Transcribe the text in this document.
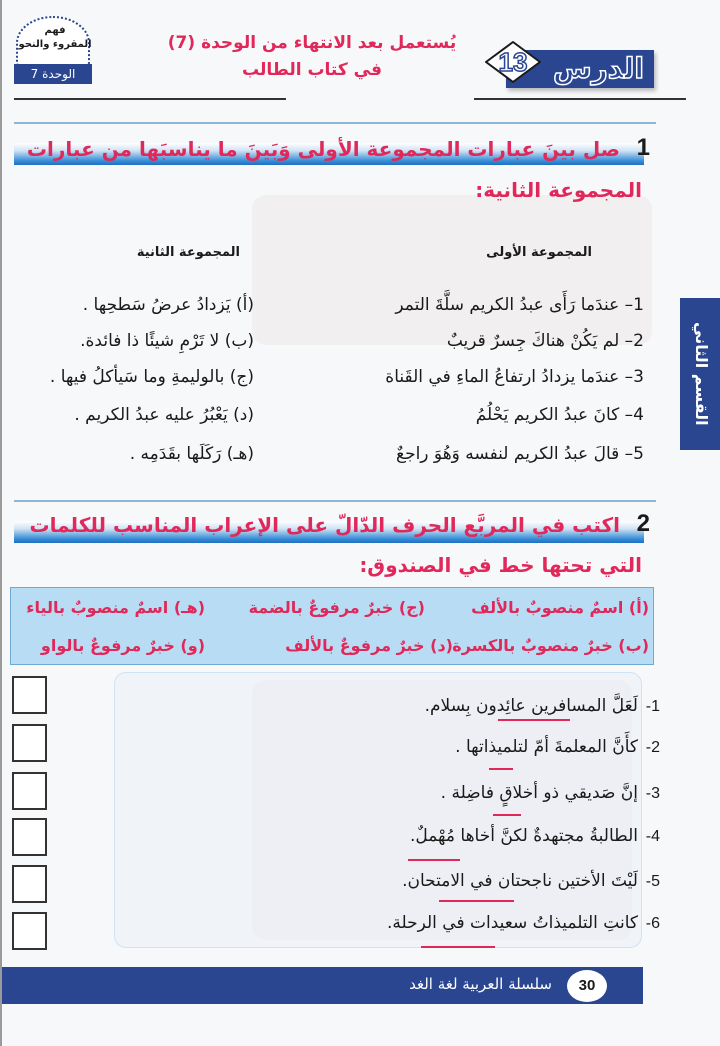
الدرس
13
يُستعمل بعد الانتهاء من الوحدة (7)
في كتاب الطالب
فهم
المقروء والنحو
الوحدة 7
القسم الثاني
1
صل بينَ عبارات المجموعة الأولى وَبَينَ ما يناسبَها من عبارات
المجموعة الثانية:
المجموعة الأولى
المجموعة الثانية
1– عندَما رَأَى عبدُ الكريم سلَّةَ التمر
2– لم يَكُنْ هناكَ جِسرٌ قريبٌ
3– عندَما يزدادُ ارتفاعُ الماءِ في القَناة
4– كانَ عبدُ الكريم يَحْلُمُ
5– قالَ عبدُ الكريم لنفسه وَهُوَ راجعٌ
(أ) يَزدادُ عرضُ سَطحِها .
(ب) لا تَرْمِ شيئًا ذا فائدة.
(ج) بالوليمةِ وما سَيأكلُ فيها .
(د) يَعْبُرُ عليه عبدُ الكريم .
(هـ) رَكَلَها بقَدَمِه .
2
اكتب في المربَّع الحرف الدّالَّ على الإعراب المناسب للكلمات
التي تحتها خط في الصندوق:
(أ) اسمٌ منصوبٌ بالألف
(ج) خبرٌ مرفوعٌ بالضمة
(هـ) اسمٌ منصوبٌ بالياء
(ب) خبرٌ منصوبٌ بالكسرة
(د) خبرٌ مرفوعٌ بالألف
(و) خبرٌ مرفوعٌ بالواو
-1
لَعَلَّ المسافرين عائِدون بِسلام.
-2
كأَنَّ المعلمةَ أمّ لتلميذاتها .
-3
إنَّ صَديقي ذو أخلاقٍ فاضِلة .
-4
الطالبةُ مجتهدةٌ لكنَّ أخاها مُهْملٌ.
-5
لَيْتَ الأختين ناجحتان في الامتحان.
-6
كانتِ التلميذاتُ سعيدات في الرحلة.
سلسلة العربية لغة الغد	30
